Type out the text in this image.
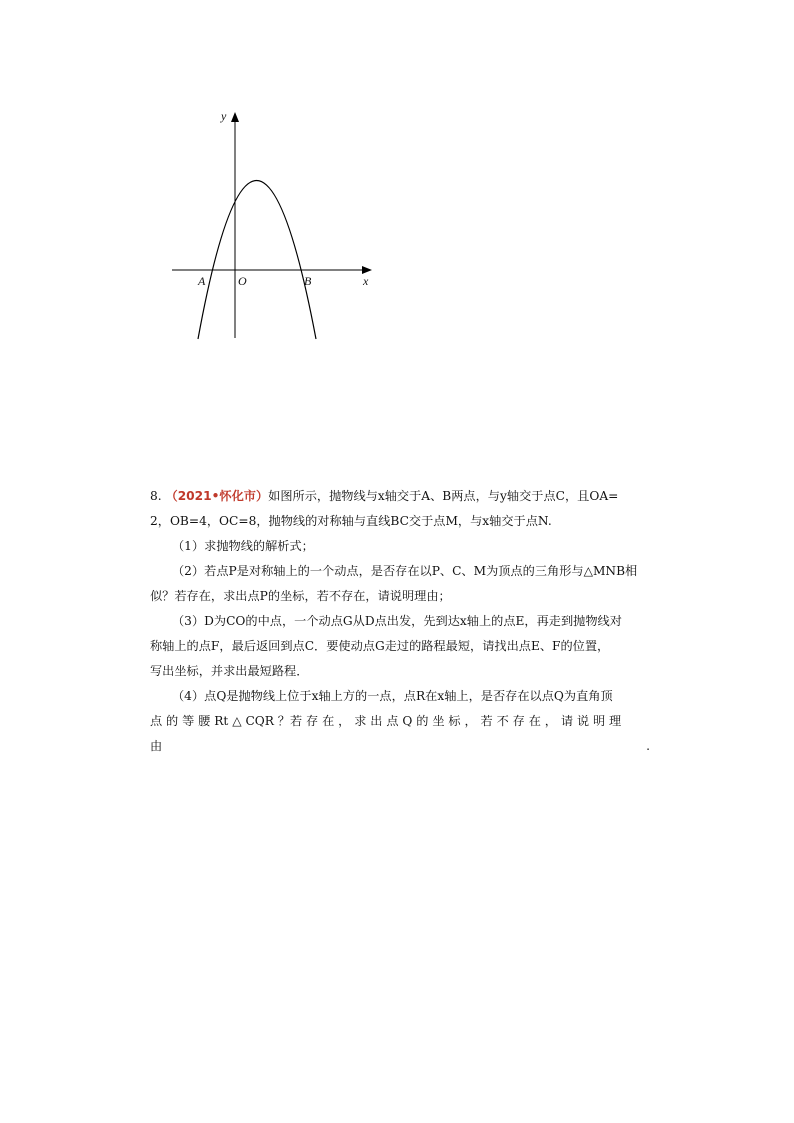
y
x
O
A	B
8. （2021•怀化市）如图所示，抛物线与x轴交于A、B两点，与y轴交于点C，且OA=
2，OB=4，OC=8，抛物线的对称轴与直线BC交于点M，与x轴交于点N.
（1）求抛物线的解析式；
（2）若点P是对称轴上的一个动点，是否存在以P、C、M为顶点的三角形与△MNB相
似？若存在，求出点P的坐标，若不存在，请说明理由；
（3）D为CO的中点，一个动点G从D点出发，先到达x轴上的点E，再走到抛物线对
称轴上的点F，最后返回到点C．要使动点G走过的路程最短，请找出点E、F的位置，
写出坐标，并求出最短路程．
（4）点Q是抛物线上位于x轴上方的一点，点R在x轴上，是否存在以点Q为直角顶
点 的 等 腰 Rt △ CQR ？若 存 在 ， 求 出 点 Q 的 坐 标 ， 若 不 存 在 ， 请 说 明 理
由	.
